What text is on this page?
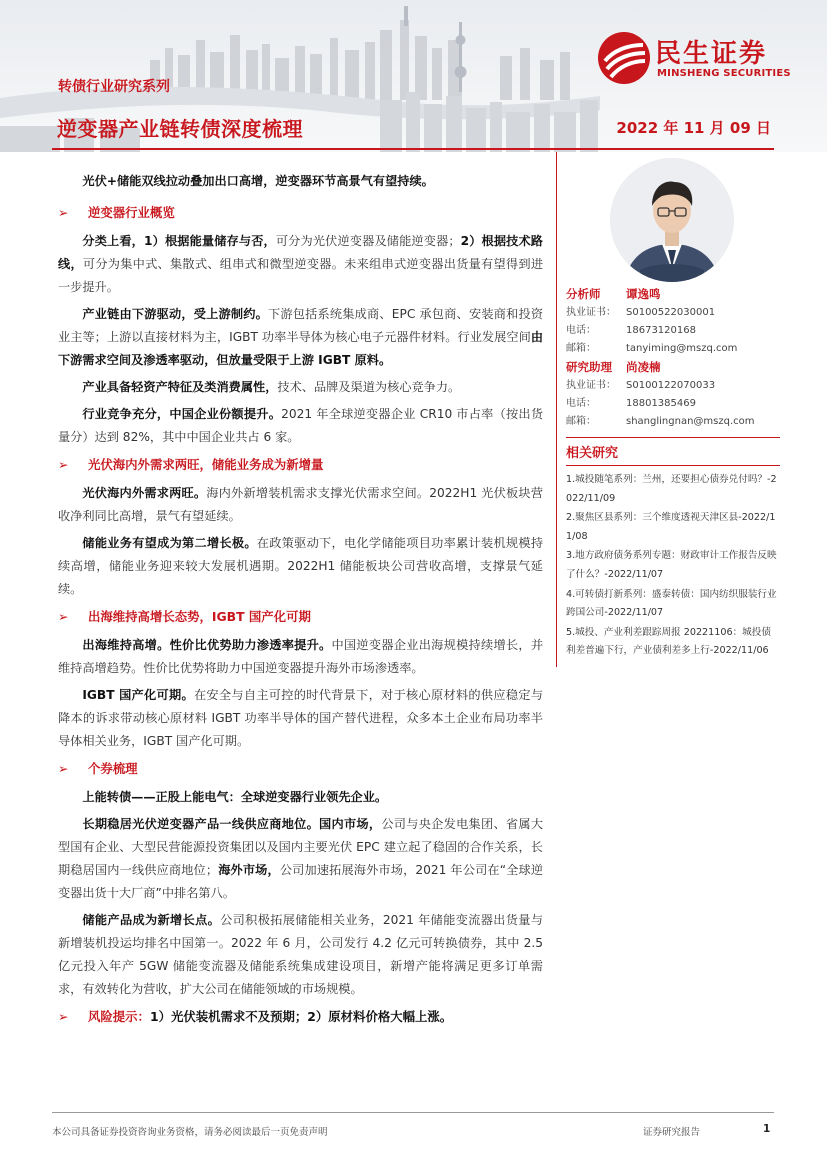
民生证券
MINSHENG SECURITIES
转债行业研究系列
逆变器产业链转债深度梳理	2022 年 11 月 09 日
光伏+储能双线拉动叠加出口高增，逆变器环节高景气有望持续。
➢ 逆变器行业概览
分类上看，1）根据能量储存与否，可分为光伏逆变器及储能逆变器；2）根据技术路线，可分为集中式、集散式、组串式和微型逆变器。未来组串式逆变器出货量有望得到进一步提升。
产业链由下游驱动，受上游制约。下游包括系统集成商、EPC 承包商、安装商和投资业主等；上游以直接材料为主，IGBT 功率半导体为核心电子元器件材料。行业发展空间由下游需求空间及渗透率驱动，但放量受限于上游 IGBT 原料。
产业具备轻资产特征及类消费属性，技术、品牌及渠道为核心竞争力。
行业竞争充分，中国企业份额提升。2021 年全球逆变器企业 CR10 市占率（按出货量分）达到 82%，其中中国企业共占 6 家。
➢ 光伏海内外需求两旺，储能业务成为新增量
光伏海内外需求两旺。海内外新增装机需求支撑光伏需求空间。2022H1 光伏板块营收净利同比高增，景气有望延续。
储能业务有望成为第二增长极。在政策驱动下，电化学储能项目功率累计装机规模持续高增，储能业务迎来较大发展机遇期。2022H1 储能板块公司营收高增，支撑景气延续。
➢ 出海维持高增长态势，IGBT 国产化可期
出海维持高增。性价比优势助力渗透率提升。中国逆变器企业出海规模持续增长，并维持高增趋势。性价比优势将助力中国逆变器提升海外市场渗透率。
IGBT 国产化可期。在安全与自主可控的时代背景下，对于核心原材料的供应稳定与降本的诉求带动核心原材料 IGBT 功率半导体的国产替代进程，众多本土企业布局功率半导体相关业务，IGBT 国产化可期。
➢ 个券梳理
上能转债——正股上能电气：全球逆变器行业领先企业。
长期稳居光伏逆变器产品一线供应商地位。国内市场，公司与央企发电集团、省属大型国有企业、大型民营能源投资集团以及国内主要光伏 EPC 建立起了稳固的合作关系，长期稳居国内一线供应商地位；海外市场，公司加速拓展海外市场，2021 年公司在“全球逆变器出货十大厂商”中排名第八。
储能产品成为新增长点。公司积极拓展储能相关业务，2021 年储能变流器出货量与新增装机投运均排名中国第一。2022 年 6 月，公司发行 4.2 亿元可转换债券，其中 2.5 亿元投入年产 5GW 储能变流器及储能系统集成建设项目，新增产能将满足更多订单需求，有效转化为营收，扩大公司在储能领域的市场规模。
➢ 风险提示：1）光伏装机需求不及预期；2）原材料价格大幅上涨。
分析师 谭逸鸣
执业证书： S0100522030001
电话：	18673120168
邮箱：	tanyiming@mszq.com
研究助理 尚凌楠
执业证书： S0100122070033
电话：	18801385469
邮箱：	shanglingnan@mszq.com
相关研究
1.城投随笔系列：兰州，还要担心债券兑付吗？-2022/11/09
2.聚焦区县系列：三个维度透视天津区县-2022/11/08
3.地方政府债务系列专题：财政审计工作报告反映了什么？-2022/11/07
4.可转债打新系列：盛泰转债：国内纺织服装行业跨国公司-2022/11/07
5.城投、产业利差跟踪周报 20221106：城投债利差普遍下行，产业债利差多上行-2022/11/06
本公司具备证券投资咨询业务资格，请务必阅读最后一页免责声明	证券研究报告	1
